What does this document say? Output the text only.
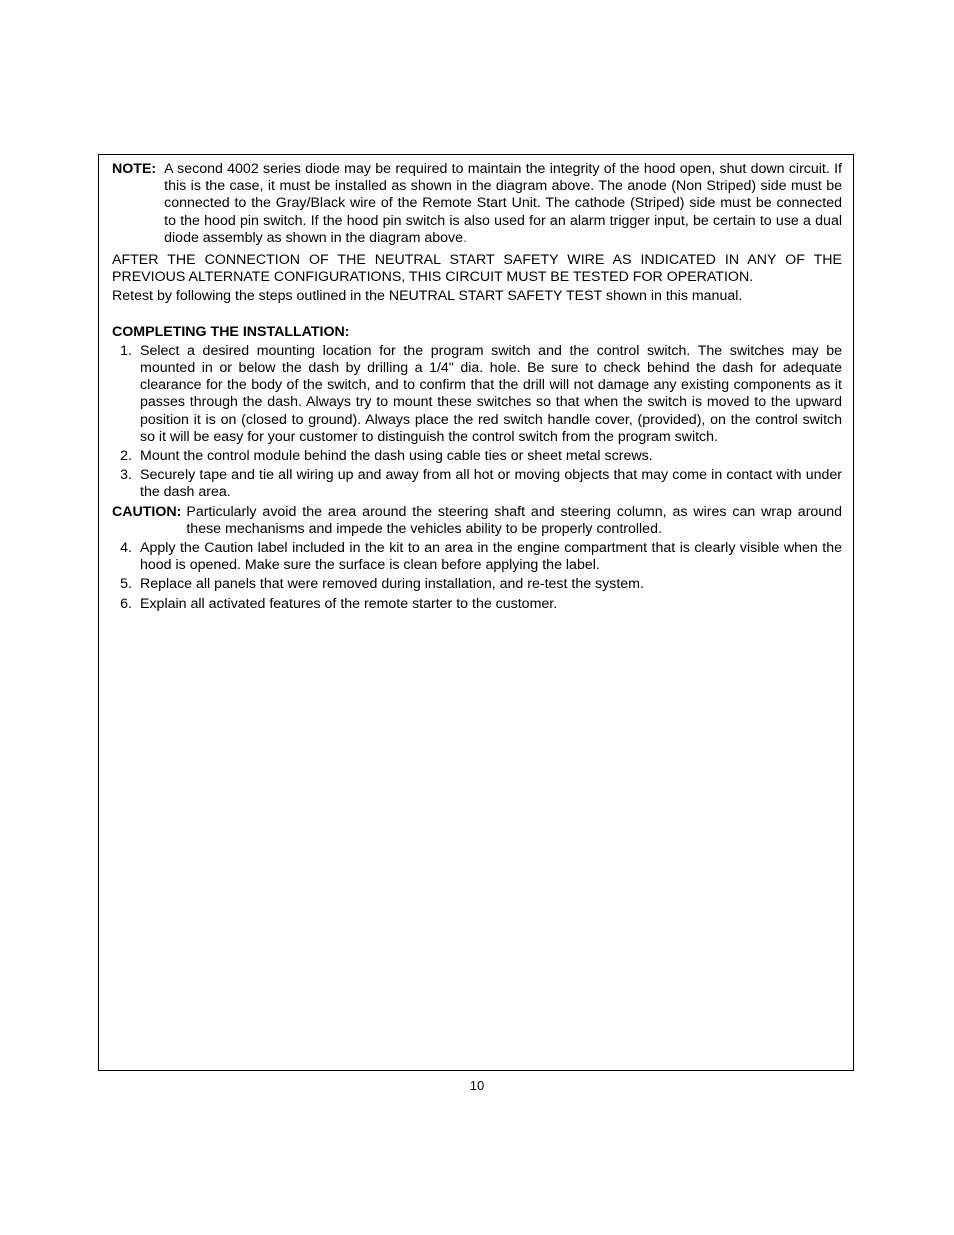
NOTE: A second 4002 series diode may be required to maintain the integrity of the hood open, shut down circuit. If this is the case, it must be installed as shown in the diagram above. The anode (Non Striped) side must be connected to the Gray/Black wire of the Remote Start Unit. The cathode (Striped) side must be connected to the hood pin switch. If the hood pin switch is also used for an alarm trigger input, be certain to use a dual diode assembly as shown in the diagram above.
AFTER THE CONNECTION OF THE NEUTRAL START SAFETY WIRE AS INDICATED IN ANY OF THE PREVIOUS ALTERNATE CONFIGURATIONS, THIS CIRCUIT MUST BE TESTED FOR OPERATION.
Retest by following the steps outlined in the NEUTRAL START SAFETY TEST shown in this manual.
COMPLETING THE INSTALLATION:
1. Select a desired mounting location for the program switch and the control switch. The switches may be mounted in or below the dash by drilling a 1/4" dia. hole. Be sure to check behind the dash for adequate clearance for the body of the switch, and to confirm that the drill will not damage any existing components as it passes through the dash. Always try to mount these switches so that when the switch is moved to the upward position it is on (closed to ground). Always place the red switch handle cover, (provided), on the control switch so it will be easy for your customer to distinguish the control switch from the program switch.
2. Mount the control module behind the dash using cable ties or sheet metal screws.
3. Securely tape and tie all wiring up and away from all hot or moving objects that may come in contact with under the dash area.
CAUTION: Particularly avoid the area around the steering shaft and steering column, as wires can wrap around these mechanisms and impede the vehicles ability to be properly controlled.
4. Apply the Caution label included in the kit to an area in the engine compartment that is clearly visible when the hood is opened. Make sure the surface is clean before applying the label.
5. Replace all panels that were removed during installation, and re-test the system.
6. Explain all activated features of the remote starter to the customer.
10
